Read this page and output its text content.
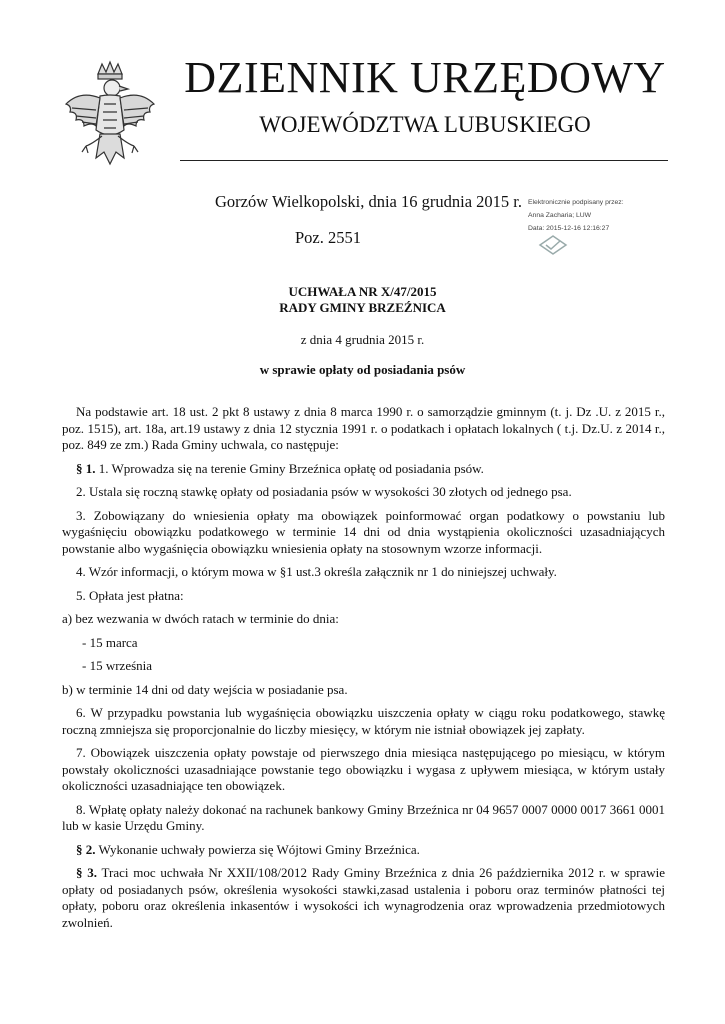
DZIENNIK URZĘDOWY
WOJEWÓDZTWA LUBUSKIEGO
Gorzów Wielkopolski, dnia 16 grudnia 2015 r.
Poz. 2551
Elektronicznie podpisany przez:
Anna Zacharia; LUW
Data: 2015-12-16 12:16:27
UCHWAŁA NR X/47/2015
RADY GMINY BRZEŹNICA
z dnia 4 grudnia 2015 r.
w sprawie opłaty od posiadania psów

Na podstawie art. 18 ust. 2 pkt 8 ustawy z dnia 8 marca 1990 r. o samorządzie gminnym (t. j. Dz .U. z 2015 r., poz. 1515), art. 18a, art.19 ustawy z dnia 12 stycznia 1991 r. o podatkach i opłatach lokalnych ( t.j. Dz.U. z 2014 r., poz. 849 ze zm.) Rada Gminy uchwala, co następuje:

§ 1. 1. Wprowadza się na terenie Gminy Brzeźnica opłatę od posiadania psów.

2. Ustala się roczną stawkę opłaty od posiadania psów w wysokości 30 złotych od jednego psa.

3. Zobowiązany do wniesienia opłaty ma obowiązek poinformować organ podatkowy o powstaniu lub wygaśnięciu obowiązku podatkowego w terminie 14 dni od dnia wystąpienia okoliczności uzasadniających powstanie albo wygaśnięcia obowiązku wniesienia opłaty na stosownym wzorze informacji.

4. Wzór informacji, o którym mowa w §1 ust.3 określa załącznik nr 1 do niniejszej uchwały.

5. Opłata jest płatna:

a) bez wezwania w dwóch ratach w terminie do dnia:

- 15 marca

- 15 września

b) w terminie 14 dni od daty wejścia w posiadanie psa.

6. W przypadku powstania lub wygaśnięcia obowiązku uiszczenia opłaty w ciągu roku podatkowego, stawkę roczną zmniejsza się proporcjonalnie do liczby miesięcy, w którym nie istniał obowiązek jej zapłaty.

7. Obowiązek uiszczenia opłaty powstaje od pierwszego dnia miesiąca następującego po miesiącu, w którym powstały okoliczności uzasadniające powstanie tego obowiązku i wygasa z upływem miesiąca, w którym ustały okoliczności uzasadniające ten obowiązek.

8. Wpłatę opłaty należy dokonać na rachunek bankowy Gminy Brzeźnica nr 04 9657 0007 0000 0017 3661 0001 lub w kasie Urzędu Gminy.

§ 2. Wykonanie uchwały powierza się Wójtowi Gminy Brzeźnica.

§ 3. Traci moc uchwała Nr XXII/108/2012 Rady Gminy Brzeźnica z dnia 26 października 2012 r. w sprawie opłaty od posiadanych psów, określenia wysokości stawki,zasad ustalenia i poboru oraz terminów płatności tej opłaty, poboru oraz określenia inkasentów i wysokości ich wynagrodzenia oraz wprowadzenia przedmiotowych zwolnień.
